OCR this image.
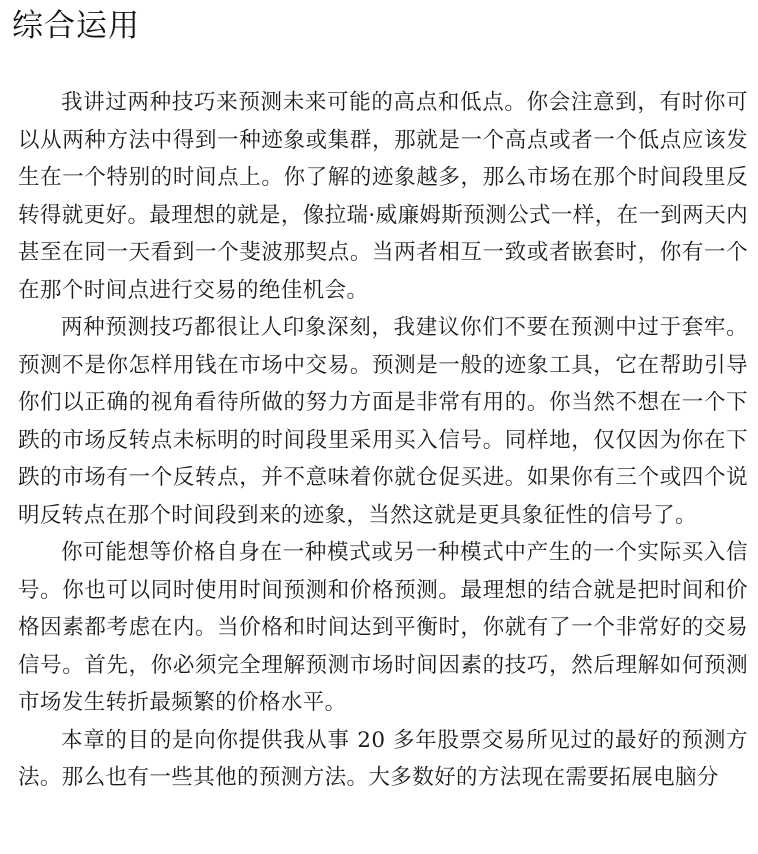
综合运用

我讲过两种技巧来预测未来可能的高点和低点。你会注意到，有时你可以从两种方法中得到一种迹象或集群，那就是一个高点或者一个低点应该发生在一个特别的时间点上。你了解的迹象越多，那么市场在那个时间段里反转得就更好。最理想的就是，像拉瑞·威廉姆斯预测公式一样，在一到两天内甚至在同一天看到一个斐波那契点。当两者相互一致或者嵌套时，你有一个在那个时间点进行交易的绝佳机会。

两种预测技巧都很让人印象深刻，我建议你们不要在预测中过于套牢。预测不是你怎样用钱在市场中交易。预测是一般的迹象工具，它在帮助引导你们以正确的视角看待所做的努力方面是非常有用的。你当然不想在一个下跌的市场反转点未标明的时间段里采用买入信号。同样地，仅仅因为你在下跌的市场有一个反转点，并不意味着你就仓促买进。如果你有三个或四个说明反转点在那个时间段到来的迹象，当然这就是更具象征性的信号了。

你可能想等价格自身在一种模式或另一种模式中产生的一个实际买入信号。你也可以同时使用时间预测和价格预测。最理想的结合就是把时间和价格因素都考虑在内。当价格和时间达到平衡时，你就有了一个非常好的交易信号。首先，你必须完全理解预测市场时间因素的技巧，然后理解如何预测市场发生转折最频繁的价格水平。

本章的目的是向你提供我从事 20 多年股票交易所见过的最好的预测方法。那么也有一些其他的预测方法。大多数好的方法现在需要拓展电脑分
